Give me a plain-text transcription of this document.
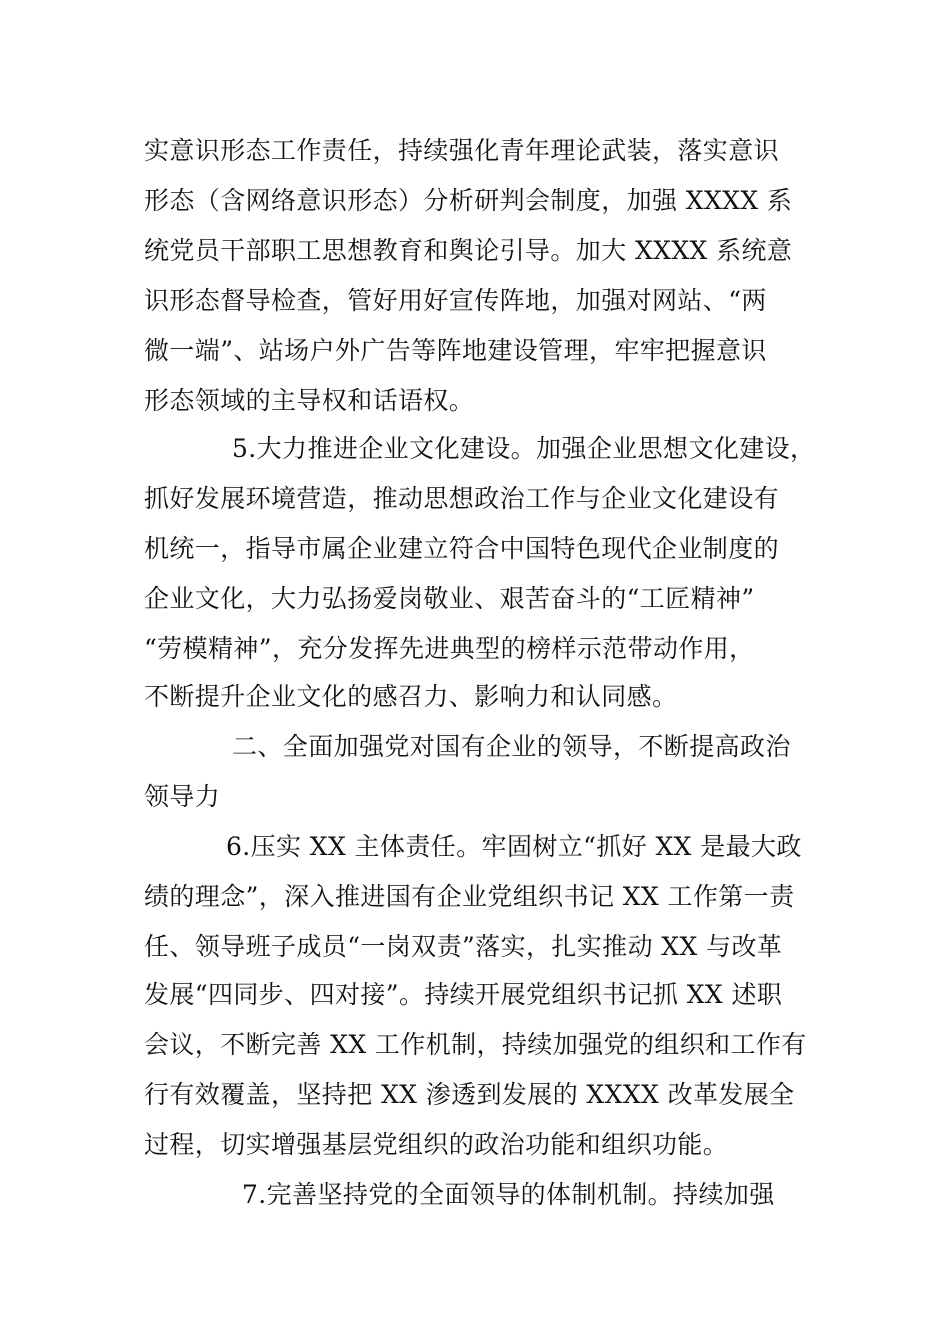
实意识形态工作责任，持续强化青年理论武装，落实意识
形态（含网络意识形态）分析研判会制度，加强 XXXX 系
统党员干部职工思想教育和舆论引导。加大 XXXX 系统意
识形态督导检查，管好用好宣传阵地，加强对网站、“两
微一端”、站场户外广告等阵地建设管理，牢牢把握意识
形态领域的主导权和话语权。
5.大力推进企业文化建设。加强企业思想文化建设，
抓好发展环境营造，推动思想政治工作与企业文化建设有
机统一，指导市属企业建立符合中国特色现代企业制度的
企业文化，大力弘扬爱岗敬业、艰苦奋斗的“工匠精神”
“劳模精神”，充分发挥先进典型的榜样示范带动作用，
不断提升企业文化的感召力、影响力和认同感。
二、全面加强党对国有企业的领导，不断提高政治
领导力
6.压实 XX 主体责任。牢固树立“抓好 XX 是最大政
绩的理念”，深入推进国有企业党组织书记 XX 工作第一责
任、领导班子成员“一岗双责”落实，扎实推动 XX 与改革
发展“四同步、四对接”。持续开展党组织书记抓 XX 述职
会议，不断完善 XX 工作机制，持续加强党的组织和工作有
行有效覆盖，坚持把 XX 渗透到发展的 XXXX 改革发展全
过程，切实增强基层党组织的政治功能和组织功能。
7.完善坚持党的全面领导的体制机制。持续加强
